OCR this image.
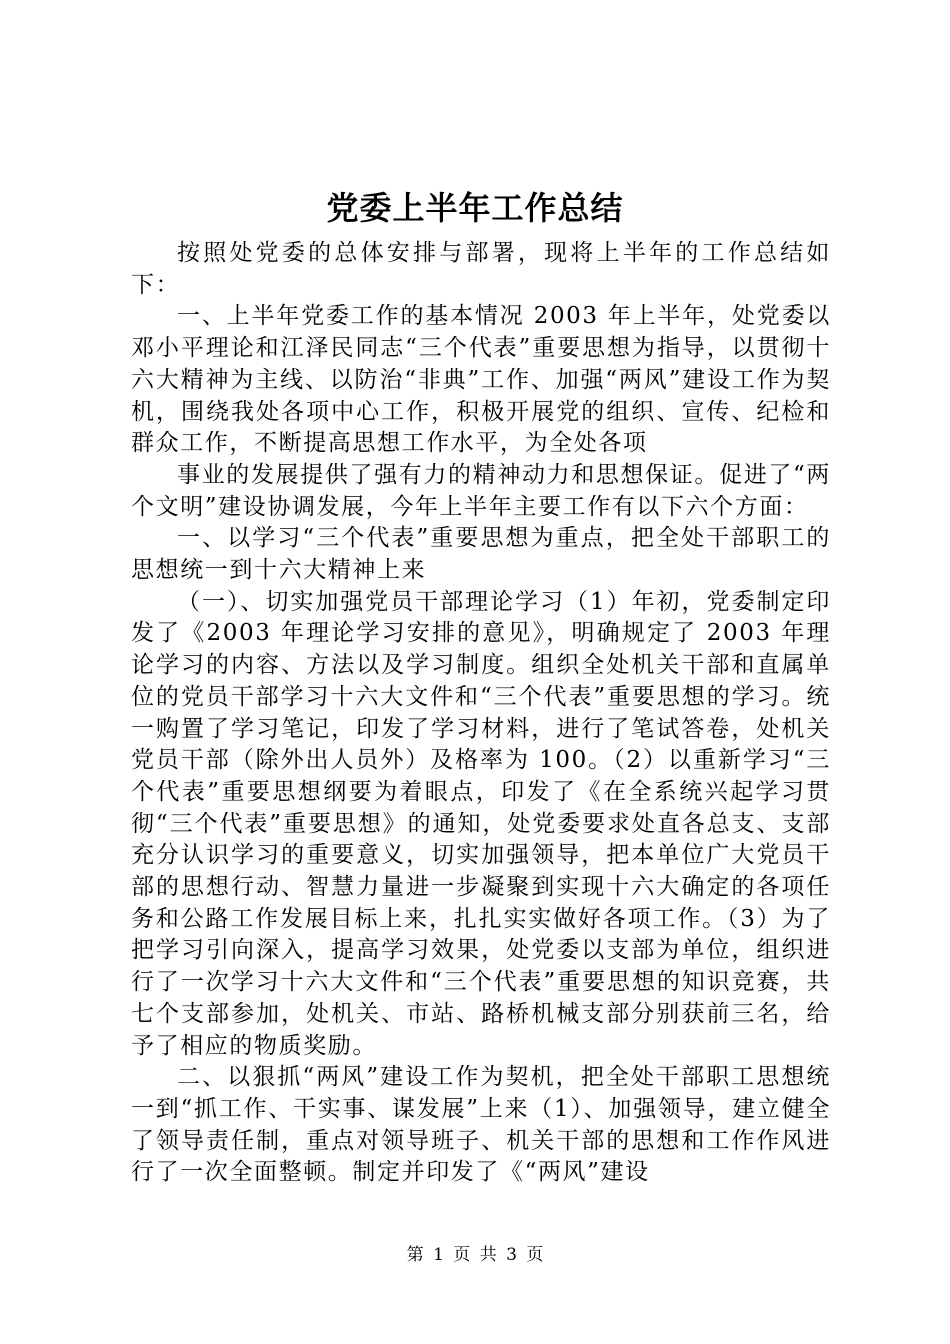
党委上半年工作总结

按照处党委的总体安排与部署，现将上半年的工作总结如下：

一、上半年党委工作的基本情况 2003 年上半年，处党委以邓小平理论和江泽民同志“三个代表”重要思想为指导，以贯彻十六大精神为主线、以防治“非典”工作、加强“两风”建设工作为契机，围绕我处各项中心工作，积极开展党的组织、宣传、纪检和群众工作，不断提高思想工作水平，为全处各项

事业的发展提供了强有力的精神动力和思想保证。促进了“两个文明”建设协调发展，今年上半年主要工作有以下六个方面：

一、以学习“三个代表”重要思想为重点，把全处干部职工的思想统一到十六大精神上来

（一）、切实加强党员干部理论学习（1）年初，党委制定印发了《2003 年理论学习安排的意见》，明确规定了 2003 年理论学习的内容、方法以及学习制度。组织全处机关干部和直属单位的党员干部学习十六大文件和“三个代表”重要思想的学习。统一购置了学习笔记，印发了学习材料，进行了笔试答卷，处机关党员干部（除外出人员外）及格率为 100。（2）以重新学习“三个代表”重要思想纲要为着眼点，印发了《在全系统兴起学习贯彻“三个代表”重要思想》的通知，处党委要求处直各总支、支部充分认识学习的重要意义，切实加强领导，把本单位广大党员干部的思想行动、智慧力量进一步凝聚到实现十六大确定的各项任务和公路工作发展目标上来，扎扎实实做好各项工作。（3）为了把学习引向深入，提高学习效果，处党委以支部为单位，组织进行了一次学习十六大文件和“三个代表”重要思想的知识竞赛，共七个支部参加，处机关、市站、路桥机械支部分别获前三名，给予了相应的物质奖励。

二、以狠抓“两风”建设工作为契机，把全处干部职工思想统一到“抓工作、干实事、谋发展”上来（1）、加强领导，建立健全了领导责任制，重点对领导班子、机关干部的思想和工作作风进行了一次全面整顿。制定并印发了《“两风”建设

第 1 页 共 3 页
